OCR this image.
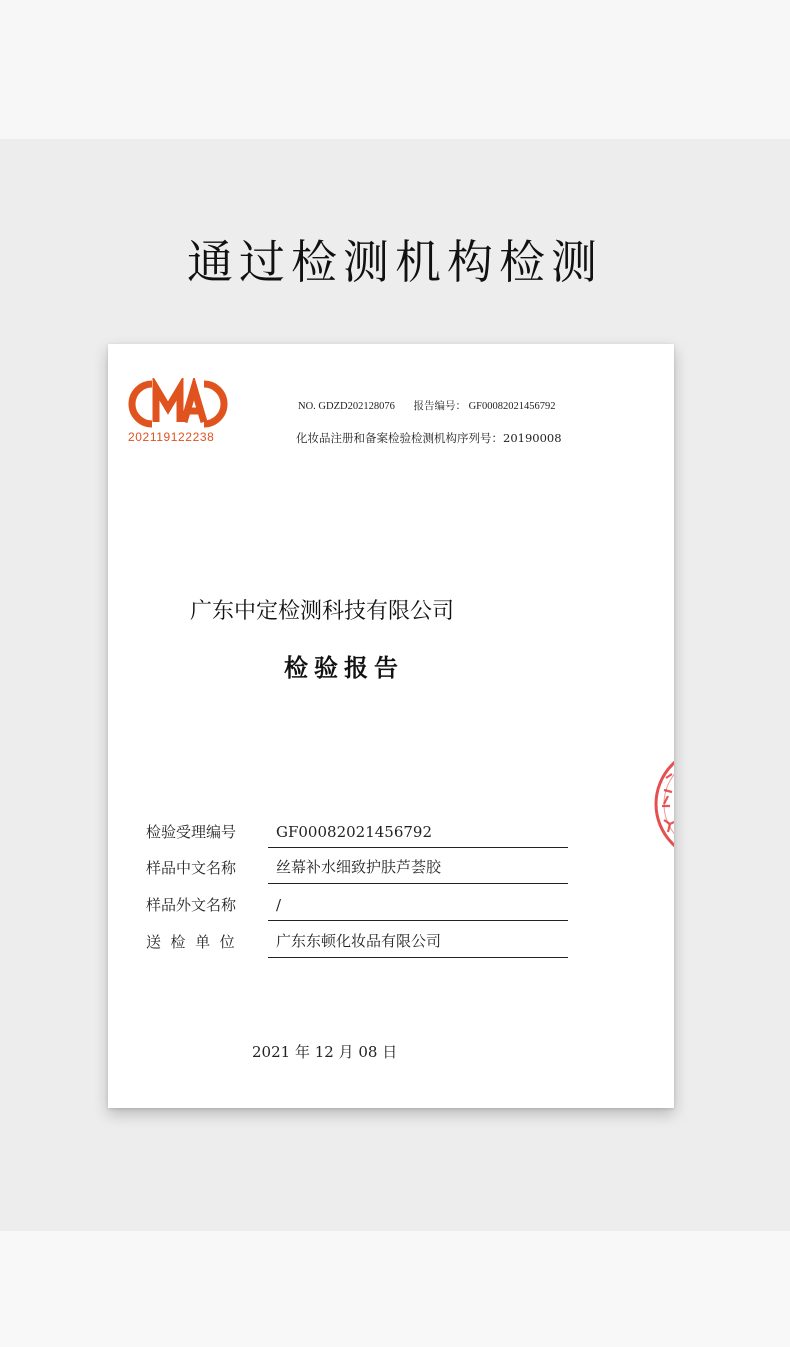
通过检测机构检测
202119122238
NO. GDZD202128076 报告编号： GF00082021456792
化妆品注册和备案检验检测机构序列号：20190008
广东中定检测科技有限公司
检验报告
检验受理编号	GF00082021456792
样品中文名称	丝幕补水细致护肤芦荟胶
样品外文名称	/
送  检  单  位	广东东顿化妆品有限公司
2021 年 12 月 08 日
